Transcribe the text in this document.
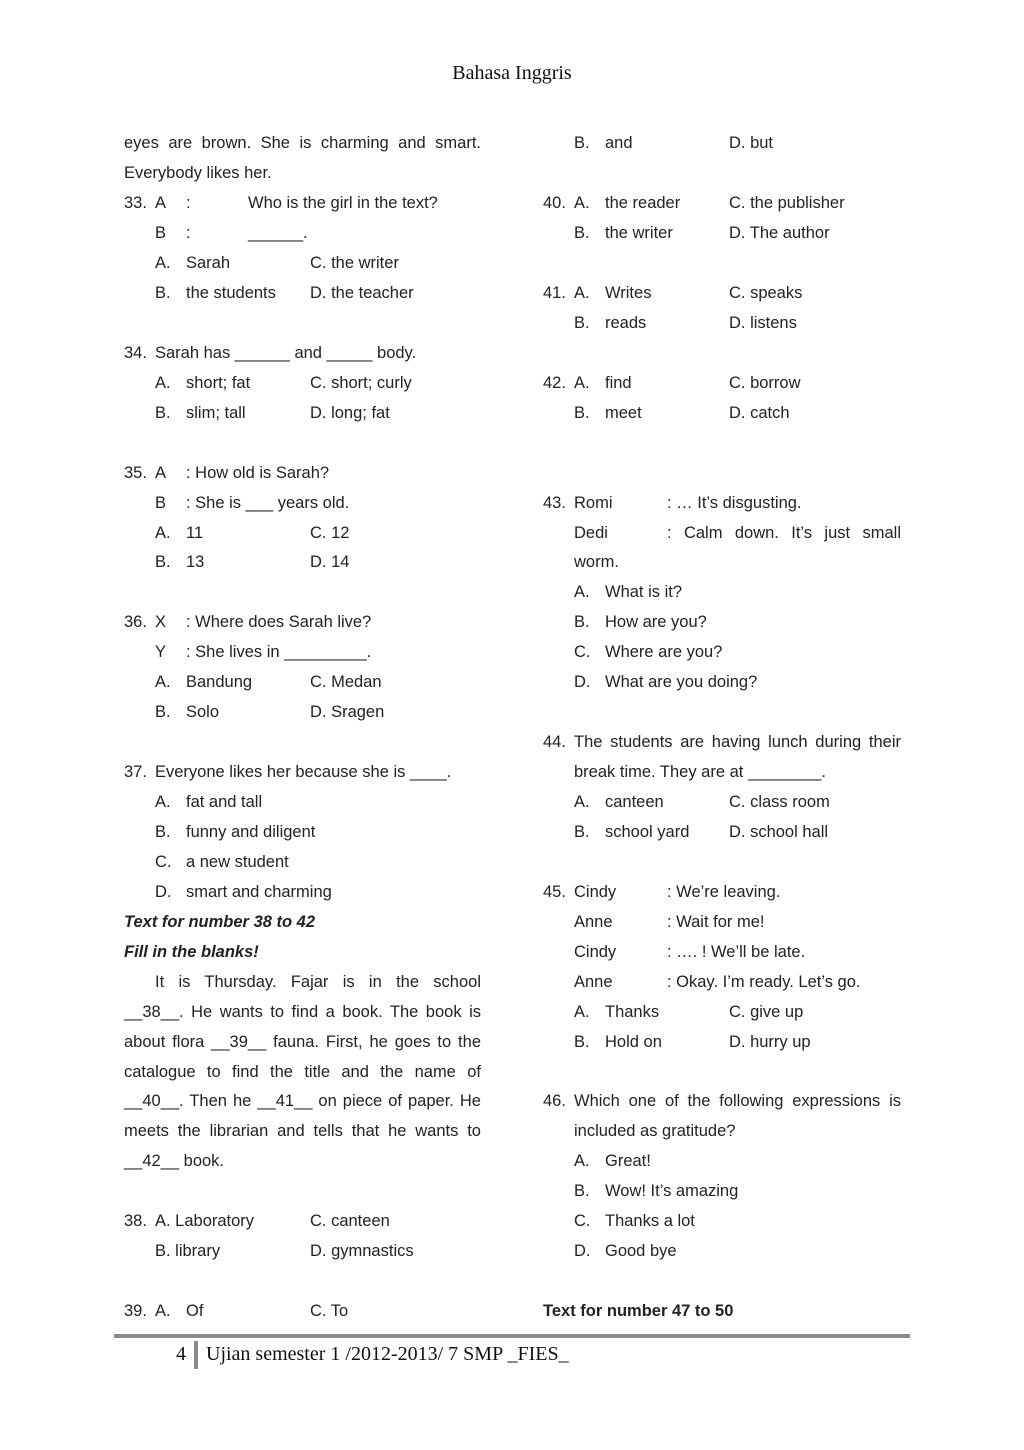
Bahasa Inggris
eyes are brown. She is charming and smart.
Everybody likes her.
33. A :	Who is the girl in the text?
B :	______.
A. Sarah	C. the writer
B. the students D. the teacher
34. Sarah has ______ and _____ body.
A. short; fat	C. short; curly
B. slim; tall	D. long; fat
35. A : How old is Sarah?
B : She is ___ years old.
A. 11	C. 12
B. 13	D. 14
36. X : Where does Sarah live?
Y : She lives in _________.
A. Bandung	C. Medan
B. Solo	D. Sragen
37. Everyone likes her because she is ____.
A. fat and tall
B. funny and diligent
C. a new student
D. smart and charming
Text for number 38 to 42
Fill in the blanks!
It is Thursday. Fajar is in the school
__38__. He wants to find a book. The book is
about flora __39__ fauna. First, he goes to the
catalogue to find the title and the name of
__40__. Then he __41__ on piece of paper. He
meets the librarian and tells that he wants to
__42__ book.
38. A. Laboratory	C. canteen
B. library	D. gymnastics
39. A. Of	C. To
B. and	D. but
40. A. the reader	C. the publisher
B. the writer	D. The author
41. A. Writes	C. speaks
B. reads	D. listens
42. A. find	C. borrow
B. meet	D. catch
43. Romi	: … It’s disgusting.
Dedi	: Calm down. It’s just small
worm.
A. What is it?
B. How are you?
C. Where are you?
D. What are you doing?
44. The students are having lunch during their
break time. They are at ________.
A. canteen	C. class room
B. school yard D. school hall
45. Cindy	: We’re leaving.
Anne	: Wait for me!
Cindy	: …. ! We’ll be late.
Anne	: Okay. I’m ready. Let’s go.
A. Thanks	C. give up
B. Hold on	D. hurry up
46. Which one of the following expressions is
included as gratitude?
A. Great!
B. Wow! It’s amazing
C. Thanks a lot
D. Good bye
Text for number 47 to 50
4 Ujian semester 1 /2012-2013/ 7 SMP _FIES_
